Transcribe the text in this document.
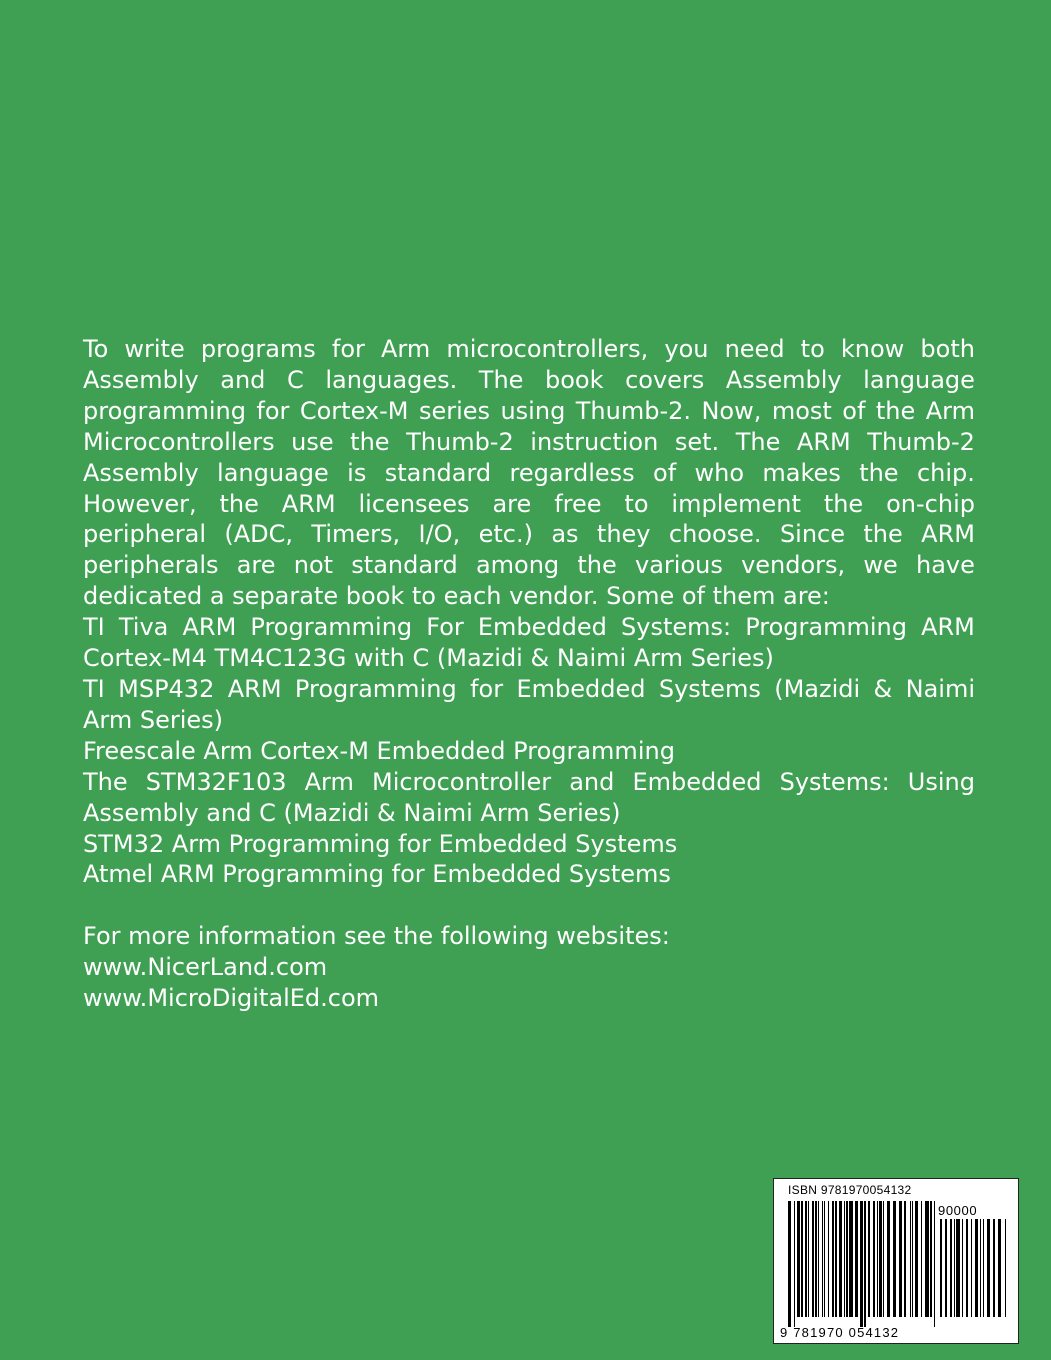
To write programs for Arm microcontrollers, you need to know both
Assembly and C languages. The book covers Assembly language
programming for Cortex-M series using Thumb-2. Now, most of the Arm
Microcontrollers use the Thumb-2 instruction set. The ARM Thumb-2
Assembly language is standard regardless of who makes the chip.
However, the ARM licensees are free to implement the on-chip
peripheral (ADC, Timers, I/O, etc.) as they choose. Since the ARM
peripherals are not standard among the various vendors, we have
dedicated a separate book to each vendor. Some of them are:
TI Tiva ARM Programming For Embedded Systems: Programming ARM
Cortex-M4 TM4C123G with C (Mazidi & Naimi Arm Series)
TI MSP432 ARM Programming for Embedded Systems (Mazidi & Naimi
Arm Series)
Freescale Arm Cortex-M Embedded Programming
The STM32F103 Arm Microcontroller and Embedded Systems: Using
Assembly and C (Mazidi & Naimi Arm Series)
STM32 Arm Programming for Embedded Systems
Atmel ARM Programming for Embedded Systems
For more information see the following websites:
www.NicerLand.com
www.MicroDigitalEd.com
ISBN 9781970054132
90000
9 781970 054132
